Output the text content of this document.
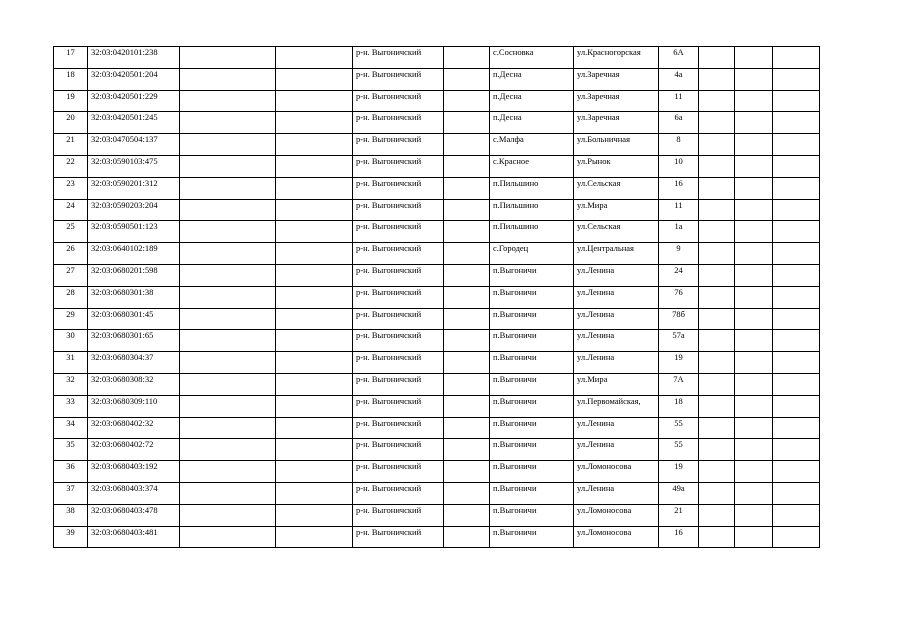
17	32:03:0420101:238			р-н. Выгоничский		с.Сосновка	ул.Красногорская	6А			
18	32:03:0420501:204			р-н. Выгоничский		п.Десна	ул.Заречная	4а			
19	32:03:0420501:229			р-н. Выгоничский		п.Десна	ул.Заречная	11			
20	32:03:0420501:245			р-н. Выгоничский		п.Десна	ул.Заречная	6а			
21	32:03:0470504:137			р-н. Выгоничский		с.Малфа	ул.Больничная	8			
22	32:03:0590103:475			р-н. Выгоничский		с.Красное	ул.Рынок	10			
23	32:03:0590201:312			р-н. Выгоничский		п.Пильшино	ул.Сельская	16			
24	32:03:0590203:204			р-н. Выгоничский		п.Пильшино	ул.Мира	11			
25	32:03:0590501:123			р-н. Выгоничский		п.Пильшино	ул.Сельская	1а			
26	32:03:0640102:189			р-н. Выгоничский		с.Городец	ул.Центральная	9			
27	32:03:0680201:598			р-н. Выгоничский		п.Выгоничи	ул.Ленина	24			
28	32:03:0680301:38			р-н. Выгоничский		п.Выгоничи	ул.Ленина	76			
29	32:03:0680301:45			р-н. Выгоничский		п.Выгоничи	ул.Ленина	78б			
30	32:03:0680301:65			р-н. Выгоничский		п.Выгоничи	ул.Ленина	57а			
31	32:03:0680304:37			р-н. Выгоничский		п.Выгоничи	ул.Ленина	19			
32	32:03:0680308:32			р-н. Выгоничский		п.Выгоничи	ул.Мира	7А			
33	32:03:0680309:110			р-н. Выгоничский		п.Выгоничи	ул.Первомайская,	18			
34	32:03:0680402:32			р-н. Выгоничский		п.Выгоничи	ул.Ленина	55			
35	32:03:0680402:72			р-н. Выгоничский		п.Выгоничи	ул.Ленина	55			
36	32:03:0680403:192			р-н. Выгоничский		п.Выгоничи	ул.Ломоносова	19			
37	32:03:0680403:374			р-н. Выгоничский		п.Выгоничи	ул.Ленина	49а			
38	32:03:0680403:478			р-н. Выгоничский		п.Выгоничи	ул.Ломоносова	21			
39	32:03:0680403:481			р-н. Выгоничский		п.Выгоничи	ул.Ломоносова	16			
